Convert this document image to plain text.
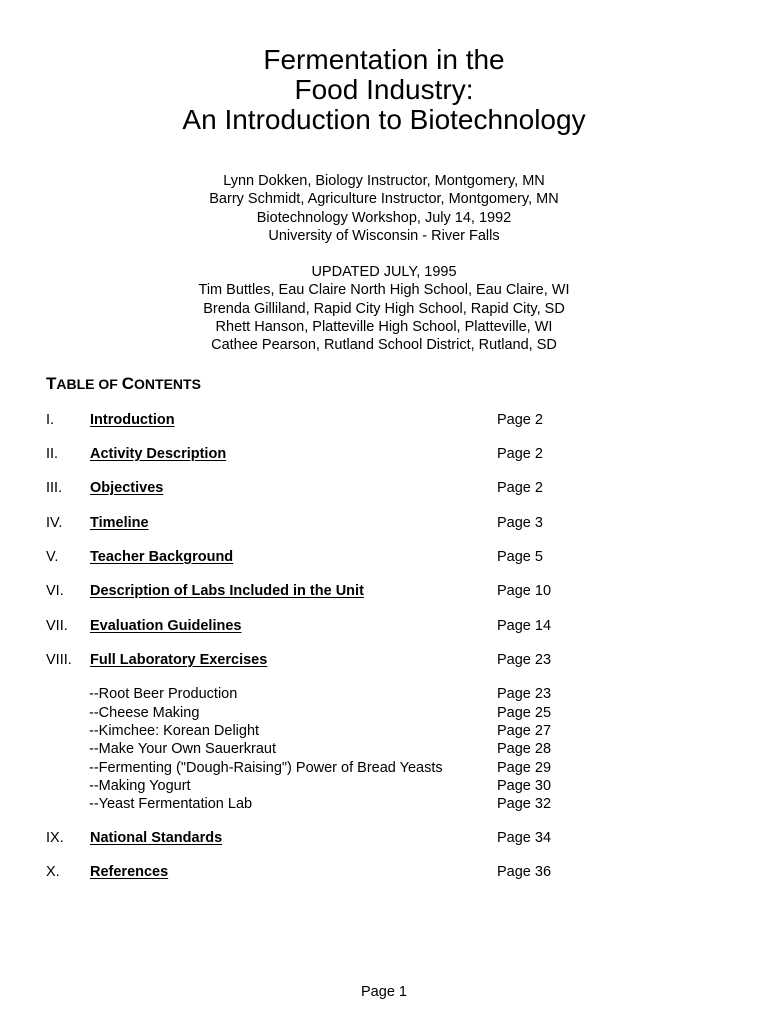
Fermentation in the
Food Industry:
An Introduction to Biotechnology
Lynn Dokken, Biology Instructor, Montgomery, MN
Barry Schmidt, Agriculture Instructor, Montgomery, MN
Biotechnology Workshop, July 14, 1992
University of Wisconsin - River Falls
UPDATED JULY, 1995
Tim Buttles, Eau Claire North High School, Eau Claire, WI
Brenda Gilliland, Rapid City High School, Rapid City, SD
Rhett Hanson, Platteville High School, Platteville, WI
Cathee Pearson, Rutland School District, Rutland, SD
TABLE OF CONTENTS
I. Introduction	Page 2
II. Activity Description	Page 2
III. Objectives	Page 2
IV. Timeline	Page 3
V. Teacher Background	Page 5
VI. Description of Labs Included in the Unit	Page 10
VII. Evaluation Guidelines	Page 14
VIII. Full Laboratory Exercises	Page 23
--Root Beer Production	Page 23
--Cheese Making	Page 25
--Kimchee: Korean Delight	Page 27
--Make Your Own Sauerkraut	Page 28
--Fermenting ("Dough-Raising") Power of Bread Yeasts	Page 29
--Making Yogurt	Page 30
--Yeast Fermentation Lab	Page 32
IX. National Standards	Page 34
X. References	Page 36
Page 1
